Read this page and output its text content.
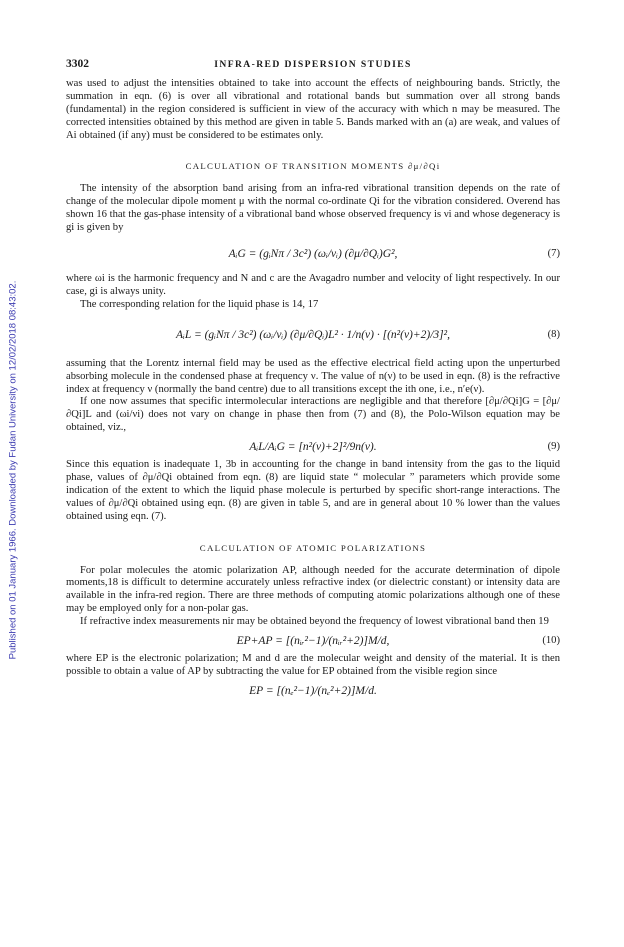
Published on 01 January 1966. Downloaded by Fudan University on 12/02/2018 08:43:02.
3302	INFRA-RED DISPERSION STUDIES

was used to adjust the intensities obtained to take into account the effects of neighbouring bands. Strictly, the summation in eqn. (6) is over all vibrational and rotational bands but summation over all strong bands (fundamental) in the region considered is sufficient in view of the accuracy with which n may be measured. The corrected intensities obtained by this method are given in table 5. Bands marked with an (a) are weak, and values of Ai obtained (if any) must be considered to be estimates only.

CALCULATION OF TRANSITION MOMENTS ∂μ/∂Qi

The intensity of the absorption band arising from an infra-red vibrational transition depends on the rate of change of the molecular dipole moment μ with the normal co-ordinate Qi for the vibration considered. Overend has shown 16 that the gas-phase intensity of a vibrational band whose observed frequency is νi and whose degeneracy is gi is given by

AᵢG = (gᵢNπ / 3c²) (ωᵢ/νᵢ) (∂μ/∂Qᵢ)G²,	(7)

where ωi is the harmonic frequency and N and c are the Avagadro number and velocity of light respectively. In our case, gi is always unity.

The corresponding relation for the liquid phase is 14, 17

AᵢL = (gᵢNπ / 3c²) (ωᵢ/νᵢ) (∂μ/∂Qᵢ)L² · 1/n(ν) · [(n²(ν)+2)/3]²,	(8)

assuming that the Lorentz internal field may be used as the effective electrical field acting upon the unperturbed absorbing molecule in the condensed phase at frequency ν. The value of n(ν) to be used in eqn. (8) is the refractive index at frequency ν (normally the band centre) due to all transitions except the ith one, i.e., n′e(ν).

If one now assumes that specific intermolecular interactions are negligible and that therefore [∂μ/∂Qi]G = [∂μ/∂Qi]L and (ωi/νi) does not vary on change in phase then from (7) and (8), the Polo-Wilson equation may be obtained, viz.,

AᵢL/AᵢG = [n²(ν)+2]²/9n(ν).	(9)

Since this equation is inadequate 1, 3b in accounting for the change in band intensity from the gas to the liquid phase, values of ∂μ/∂Qi obtained from eqn. (8) are liquid state “ molecular ” parameters which provide some indication of the extent to which the liquid phase molecule is perturbed by specific short-range interactions. The values of ∂μ/∂Qi obtained using eqn. (8) are given in table 5, and are in general about 10 % lower than the values obtained using eqn. (7).

CALCULATION OF ATOMIC POLARIZATIONS

For polar molecules the atomic polarization AP, although needed for the accurate determination of dipole moments,18 is difficult to determine accurately unless refractive index (or dielectric constant) or intensity data are available in the infra-red region. There are three methods of computing atomic polarizations although one of these may be employed only for a non-polar gas.

If refractive index measurements nir may be obtained beyond the frequency of lowest vibrational band then 19

EP+AP = [(nᵢᵣ²−1)/(nᵢᵣ²+2)]M/d,	(10)

where EP is the electronic polarization; M and d are the molecular weight and density of the material. It is then possible to obtain a value of AP by subtracting the value for EP obtained from the visible region since

EP = [(nₑ²−1)/(nₑ²+2)]M/d.
